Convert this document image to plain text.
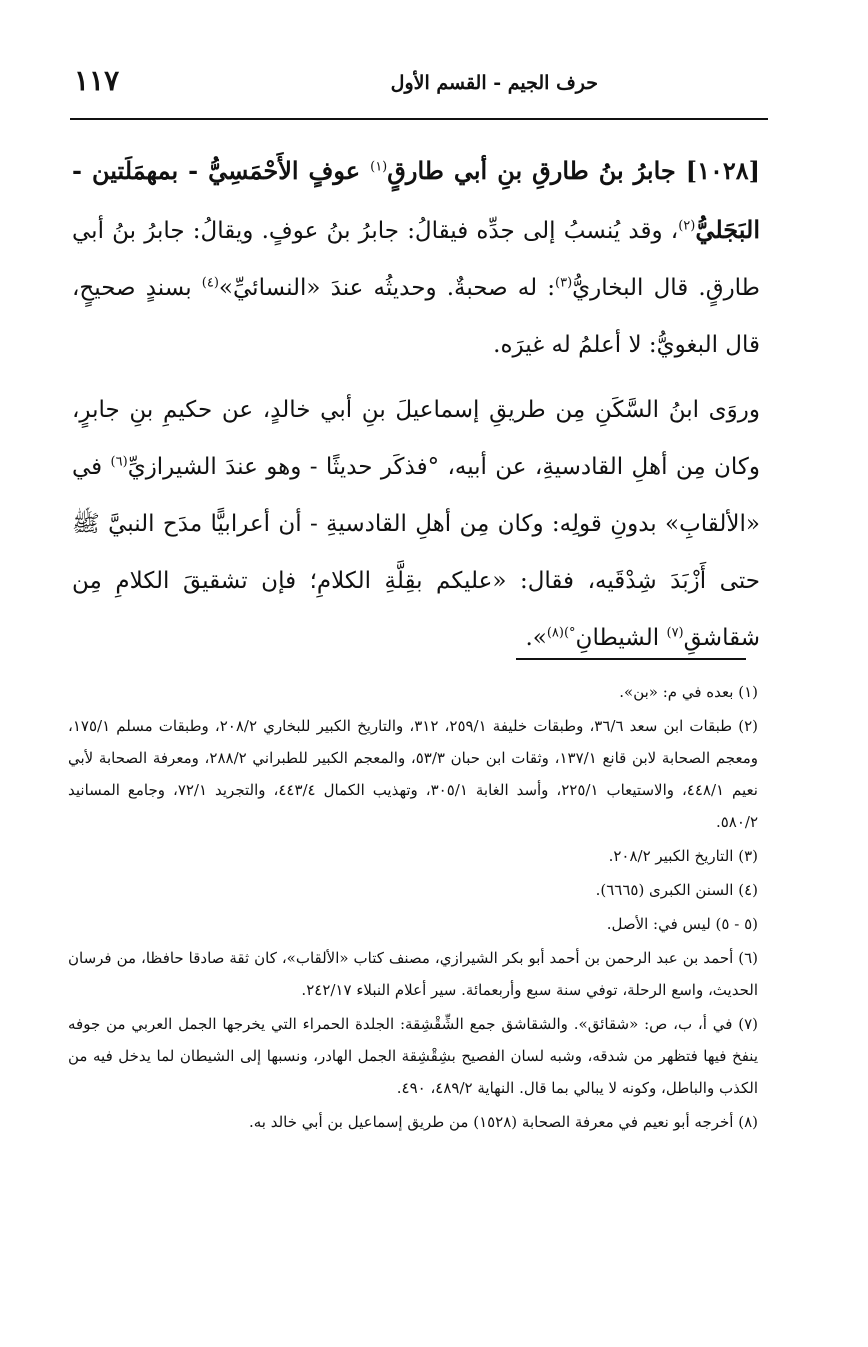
١١٧	حرف الجيم - القسم الأول

[١٠٢٨] جابرُ بنُ طارقِ بنِ أبي طارقٍ$^{(١)}$ عوفٍ الأَحْمَسِيُّ - بمهمَلَتين - البَجَليُّ$^{(٢)}$، وقد يُنسبُ إلى جدِّه فيقالُ: جابرُ بنُ عوفٍ. ويقالُ: جابرُ بنُ أبي طارقٍ. قال البخاريُّ$^{(٣)}$: له صحبةٌ. وحديثُه عندَ «النسائيِّ»$^{(٤)}$ بسندٍ صحيحٍ، قال البغويُّ: لا أعلمُ له غيرَه.

وروَى ابنُ السَّكَنِ مِن طريقِ إسماعيلَ بنِ أبي خالدٍ، عن حكيمِ بنِ جابرٍ، وكان مِن أهلِ القادسيةِ، عن أبيه، °فذكَر حديثًا - وهو عندَ الشيرازيِّ$^{(٦)}$ في «الألقابِ» بدونِ قولِه: وكان مِن أهلِ القادسيةِ - أن أعرابيًّا مدَح النبيَّ ﷺ حتى أَزْبَدَ شِدْقَيه، فقال: «عليكم بقِلَّةِ الكلامِ؛ فإن تشقيقَ الكلامِ مِن شقاشقِ$^{(٧)}$ الشيطانِ$^{^\circ)(٨)}$».

(١) بعده في م: «بن».

(٢) طبقات ابن سعد ٣٦/٦، وطبقات خليفة ٢٥٩/١، ٣١٢، والتاريخ الكبير للبخاري ٢٠٨/٢، وطبقات مسلم ١٧٥/١، ومعجم الصحابة لابن قانع ١٣٧/١، وثقات ابن حبان ٥٣/٣، والمعجم الكبير للطبراني ٢٨٨/٢، ومعرفة الصحابة لأبي نعيم ٤٤٨/١، والاستيعاب ٢٢٥/١، وأسد الغابة ٣٠٥/١، وتهذيب الكمال ٤٤٣/٤، والتجريد ٧٢/١، وجامع المسانيد ٥٨٠/٢.

(٣) التاريخ الكبير ٢٠٨/٢.

(٤) السنن الكبرى (٦٦٦٥).

(٥ - ٥) ليس في: الأصل.

(٦) أحمد بن عبد الرحمن بن أحمد أبو بكر الشيرازي، مصنف كتاب «الألقاب»، كان ثقة صادقا حافظا، من فرسان الحديث، واسع الرحلة، توفي سنة سبع وأربعمائة. سير أعلام النبلاء ٢٤٢/١٧.

(٧) في أ، ب، ص: «شقائق». والشقاشق جمع الشِّقْشِقة: الجلدة الحمراء التي يخرجها الجمل العربي من جوفه ينفخ فيها فتظهر من شدقه، وشبه لسان الفصيح بشِقْشِقة الجمل الهادر، ونسبها إلى الشيطان لما يدخل فيه من الكذب والباطل، وكونه لا يبالي بما قال. النهاية ٤٨٩/٢، ٤٩٠.

(٨) أخرجه أبو نعيم في معرفة الصحابة (١٥٢٨) من طريق إسماعيل بن أبي خالد به.
